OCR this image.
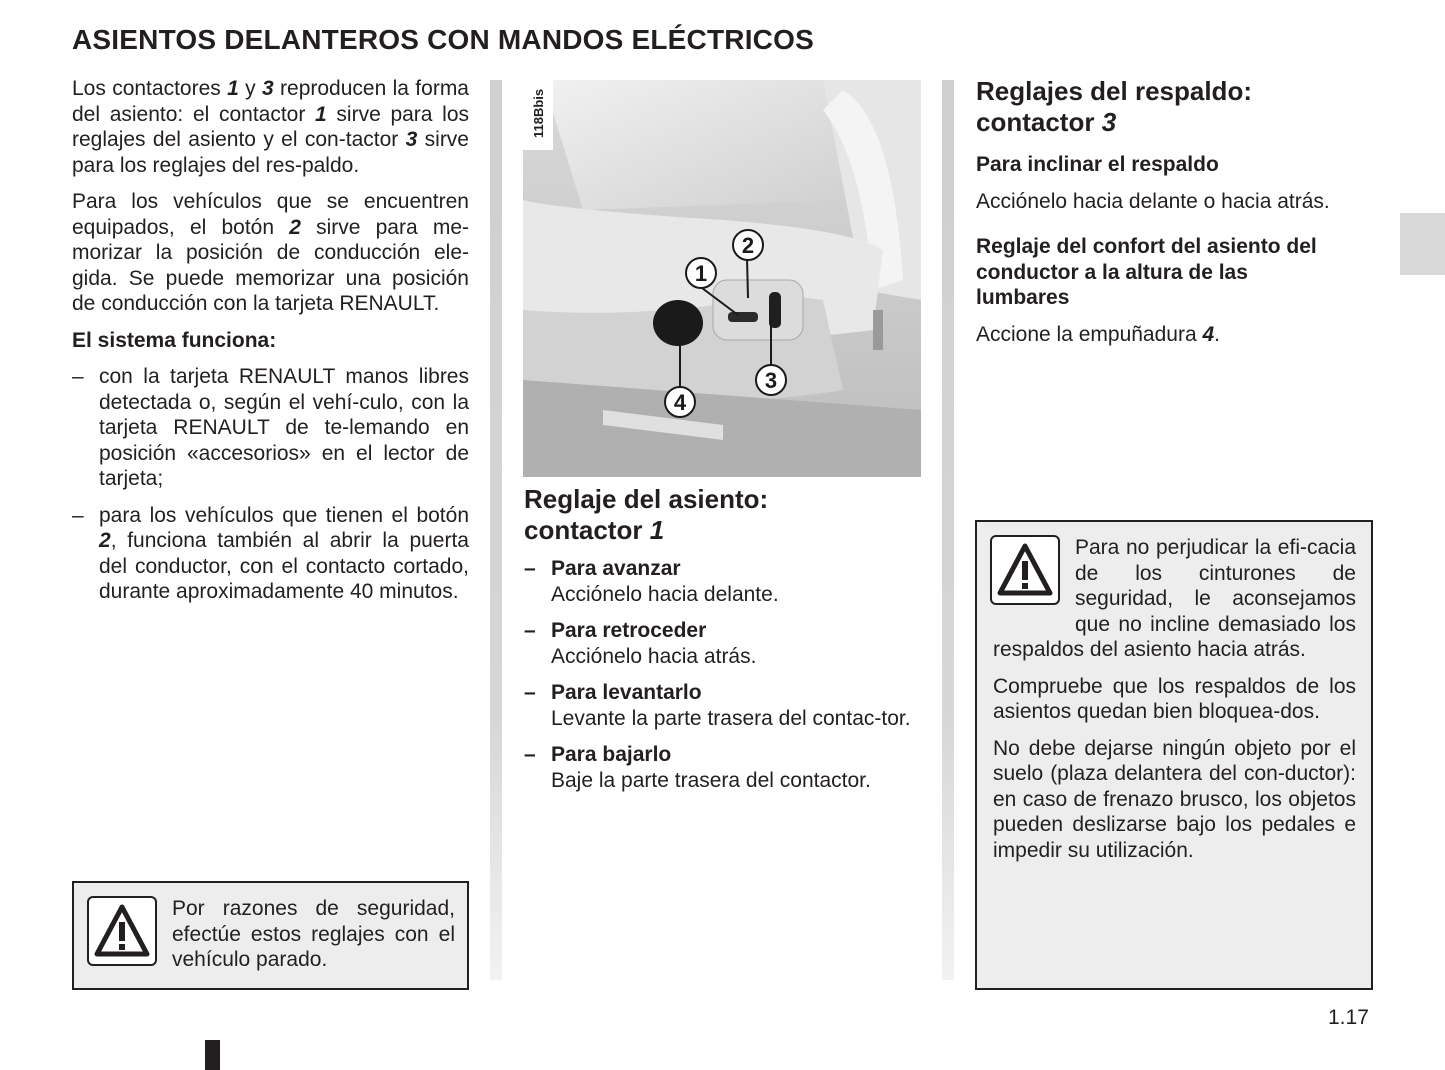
ASIENTOS DELANTEROS CON MANDOS ELÉCTRICOS

Los contactores 1 y 3 reproducen la forma del asiento: el contactor 1 sirve para los reglajes del asiento y el con-tactor 3 sirve para los reglajes del res-paldo.

Para los vehículos que se encuentren equipados, el botón 2 sirve para me-morizar la posición de conducción ele-gida. Se puede memorizar una posición de conducción con la tarjeta RENAULT.

El sistema funciona:

– con la tarjeta RENAULT manos libres detectada o, según el vehí-culo, con la tarjeta RENAULT de te-lemando en posición «accesorios» en el lector de tarjeta;
– para los vehículos que tienen el botón 2, funciona también al abrir la puerta del conductor, con el contacto cortado, durante aproximadamente 40 minutos.
Por razones de seguridad, efectúe estos reglajes con el vehículo parado.
118Bbis
1
2
3
4
Reglaje del asiento:
contactor 1
– Para avanzar
Acciónelo hacia delante.
– Para retroceder
Acciónelo hacia atrás.
– Para levantarlo
Levante la parte trasera del contac-tor.
– Para bajarlo
Baje la parte trasera del contactor.
Reglajes del respaldo:
contactor 3

Para inclinar el respaldo

Acciónelo hacia delante o hacia atrás.

Reglaje del confort del asiento del conductor a la altura de las lumbares

Accione la empuñadura 4.

Para no perjudicar la efi-cacia de los cinturones de seguridad, le aconsejamos que no incline demasiado los respaldos del asiento hacia atrás.

Compruebe que los respaldos de los asientos quedan bien bloquea-dos.

No debe dejarse ningún objeto por el suelo (plaza delantera del con-ductor): en caso de frenazo brusco, los objetos pueden deslizarse bajo los pedales e impedir su utilización.

1.17
